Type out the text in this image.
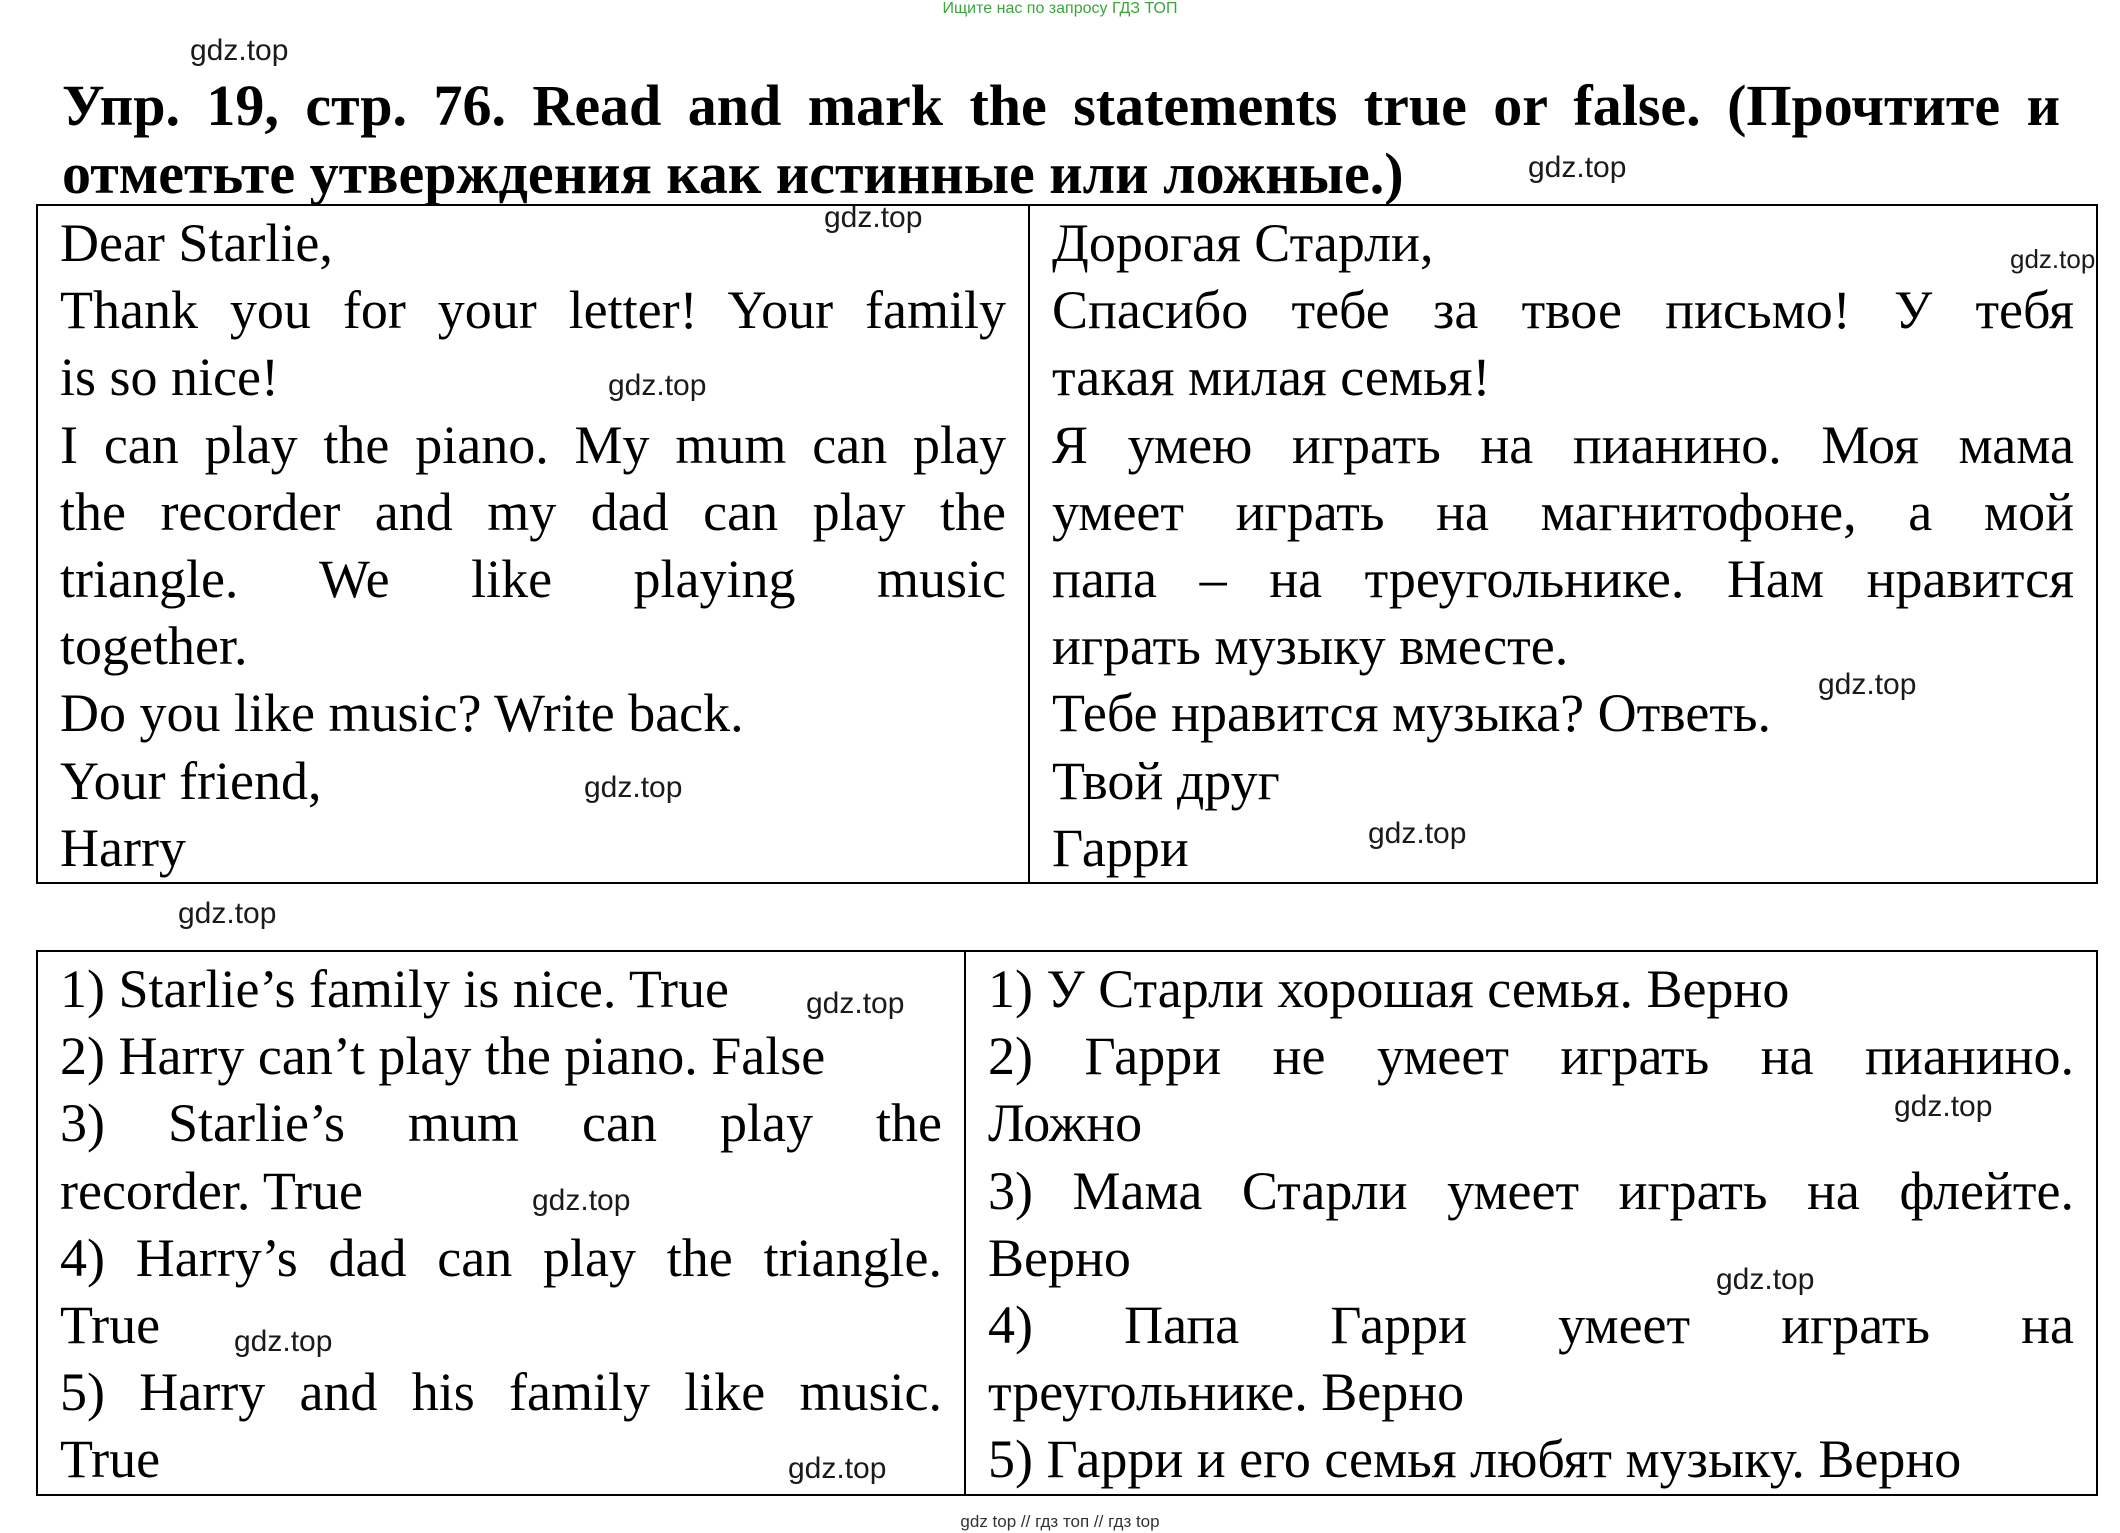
Ищите нас по запросу ГДЗ ТОП
Упр. 19, стр. 76. Read and mark the statements true or false. (Прочтите и отметьте утверждения как истинные или ложные.)
Dear Starlie,
Thank you for your letter! Your family
is so nice!
I can play the piano. My mum can play
the recorder and my dad can play the
triangle. We like playing music
together.
Do you like music? Write back.
Your friend,
Harry

Дорогая Старли,
Спасибо тебе за твое письмо! У тебя
такая милая семья!
Я умею играть на пианино. Моя мама
умеет играть на магнитофоне, а мой
папа – на треугольнике. Нам нравится
играть музыку вместе.
Тебе нравится музыка? Ответь.
Твой друг
Гарри
1) Starlie’s family is nice. True
2) Harry can’t play the piano. False
3) Starlie’s mum can play the
recorder. True
4) Harry’s dad can play the triangle.
True
5) Harry and his family like music.
True

1) У Старли хорошая семья. Верно
2) Гарри не умеет играть на пианино.
Ложно
3) Мама Старли умеет играть на флейте.
Верно
4) Папа Гарри умеет играть на
треугольнике. Верно
5) Гарри и его семья любят музыку. Верно
gdz.top
gdz.top
gdz.top
gdz.top
gdz.top
gdz.top
gdz.top
gdz.top
gdz.top
gdz.top
gdz.top
gdz.top
gdz.top
gdz.top
gdz.top
gdz top // гдз топ // гдз top
